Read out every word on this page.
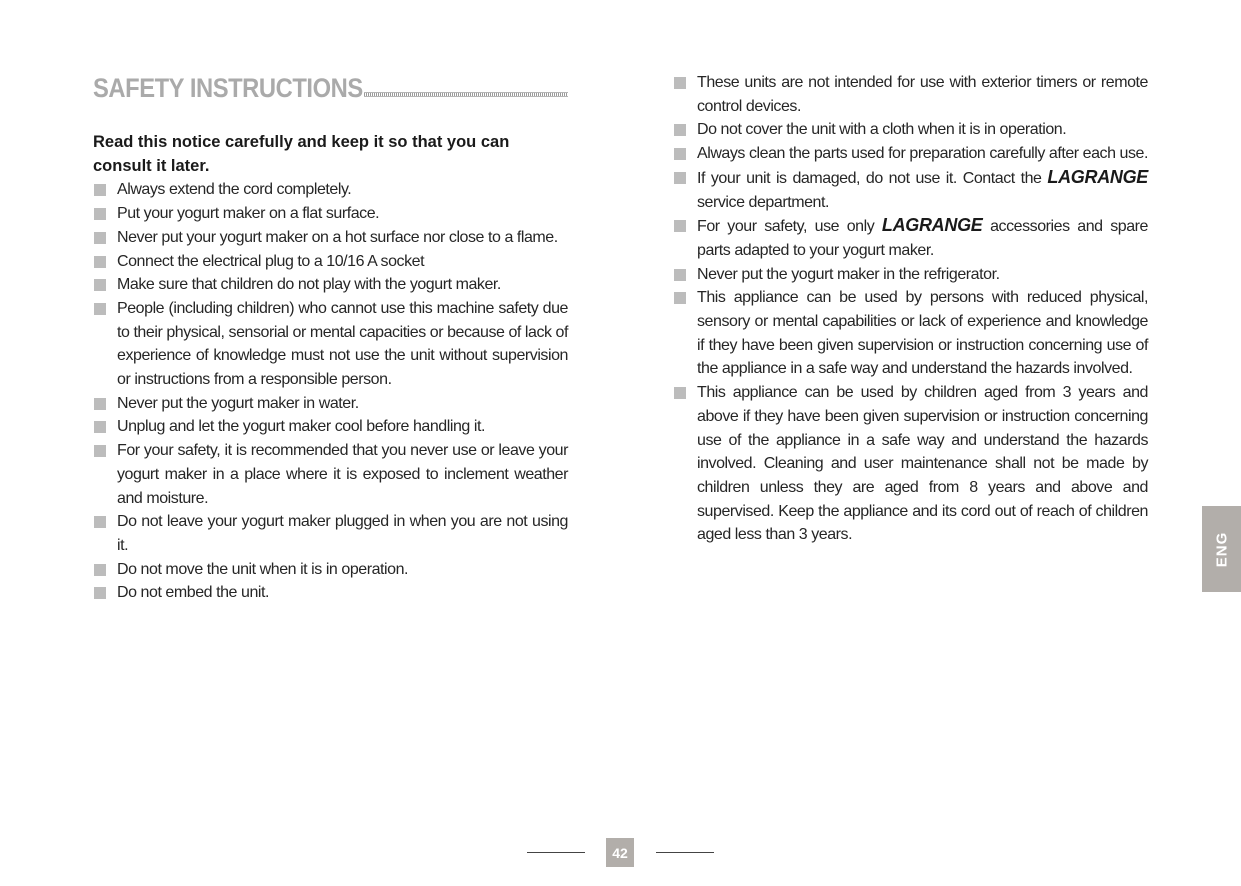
SAFETY INSTRUCTIONS

Read this notice carefully and keep it so that you can consult it later.

Always extend the cord completely.
Put your yogurt maker on a flat surface.
Never put your yogurt maker on a hot surface nor close to a flame.
Connect the electrical plug to a 10/16 A socket
Make sure that children do not play with the yogurt maker.
People (including children) who cannot use this machine safety due to their physical, sensorial or mental capacities or because of lack of experience of knowledge must not use the unit without supervision or instructions from a responsible person.
Never put the yogurt maker in water.
Unplug and let the yogurt maker cool before handling it.
For your safety, it is recommended that you never use or leave your yogurt maker in a place where it is exposed to inclement weather and moisture.
Do not leave your yogurt maker plugged in when you are not using it.
Do not move the unit when it is in operation.
Do not embed the unit.
These units are not intended for use with exterior timers or remote control devices.
Do not cover the unit with a cloth when it is in operation.
Always clean the parts used for preparation carefully after each use.
If your unit is damaged, do not use it. Contact the LAGRANGE service department.
For your safety, use only LAGRANGE accessories and spare parts adapted to your yogurt maker.
Never put the yogurt maker in the refrigerator.
This appliance can be used by persons with reduced physical, sensory or mental capabilities or lack of experience and knowledge if they have been given supervision or instruction concerning use of the appliance in a safe way and understand the hazards involved.
This appliance can be used by children aged from 3 years and above if they have been given supervision or instruction concerning use of the appliance in a safe way and understand the hazards involved. Cleaning and user maintenance shall not be made by children unless they are aged from 8 years and above and supervised. Keep the appliance and its cord out of reach of children aged less than 3 years.	ENG
42
